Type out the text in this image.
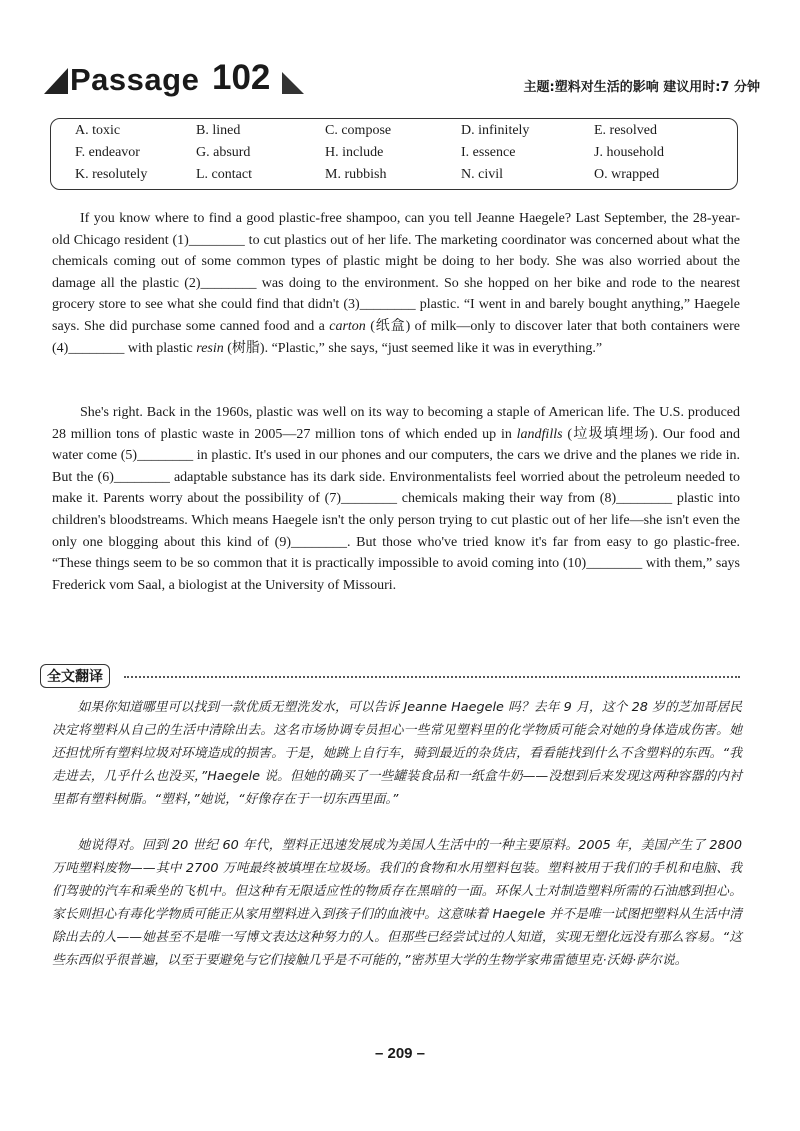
Passage 102	主题:塑料对生活的影响 建议用时:7 分钟
A. toxic	B. lined	C. compose	D. infinitely	E. resolved
F. endeavor	G. absurd	H. include	I. essence	J. household
K. resolutely	L. contact	M. rubbish	N. civil	O. wrapped

If you know where to find a good plastic-free shampoo, can you tell Jeanne Haegele? Last September, the 28-year-old Chicago resident (1)________ to cut plastics out of her life. The marketing coordinator was concerned about what the chemicals coming out of some common types of plastic might be doing to her body. She was also worried about the damage all the plastic (2)________ was doing to the environment. So she hopped on her bike and rode to the nearest grocery store to see what she could find that didn't (3)________ plastic. “I went in and barely bought anything,” Haegele says. She did purchase some canned food and a carton (纸盒) of milk—only to discover later that both containers were (4)________ with plastic resin (树脂). “Plastic,” she says, “just seemed like it was in everything.”

She's right. Back in the 1960s, plastic was well on its way to becoming a staple of American life. The U.S. produced 28 million tons of plastic waste in 2005—27 million tons of which ended up in landfills (垃圾填埋场). Our food and water come (5)________ in plastic. It's used in our phones and our computers, the cars we drive and the planes we ride in. But the (6)________ adaptable substance has its dark side. Environmentalists feel worried about the petroleum needed to make it. Parents worry about the possibility of (7)________ chemicals making their way from (8)________ plastic into children's bloodstreams. Which means Haegele isn't the only person trying to cut plastic out of her life—she isn't even the only one blogging about this kind of (9)________. But those who've tried know it's far from easy to go plastic-free. “These things seem to be so common that it is practically impossible to avoid coming into (10)________ with them,” says Frederick vom Saal, a biologist at the University of Missouri.

全文翻译

如果你知道哪里可以找到一款优质无塑洗发水，可以告诉 Jeanne Haegele 吗？去年 9 月，这个 28 岁的芝加哥居民决定将塑料从自己的生活中清除出去。这名市场协调专员担心一些常见塑料里的化学物质可能会对她的身体造成伤害。她还担忧所有塑料垃圾对环境造成的损害。于是，她跳上自行车，骑到最近的杂货店，看看能找到什么不含塑料的东西。“我走进去，几乎什么也没买，”Haegele 说。但她的确买了一些罐装食品和一纸盒牛奶——没想到后来发现这两种容器的内衬里都有塑料树脂。“塑料，”她说，“好像存在于一切东西里面。”

她说得对。回到 20 世纪 60 年代，塑料正迅速发展成为美国人生活中的一种主要原料。2005 年，美国产生了 2800 万吨塑料废物——其中 2700 万吨最终被填埋在垃圾场。我们的食物和水用塑料包装。塑料被用于我们的手机和电脑、我们驾驶的汽车和乘坐的飞机中。但这种有无限适应性的物质存在黑暗的一面。环保人士对制造塑料所需的石油感到担心。家长则担心有毒化学物质可能正从家用塑料进入到孩子们的血液中。这意味着 Haegele 并不是唯一试图把塑料从生活中清除出去的人——她甚至不是唯一写博文表达这种努力的人。但那些已经尝试过的人知道，实现无塑化远没有那么容易。“这些东西似乎很普遍，以至于要避免与它们接触几乎是不可能的，”密苏里大学的生物学家弗雷德里克·沃姆·萨尔说。

– 209 –
